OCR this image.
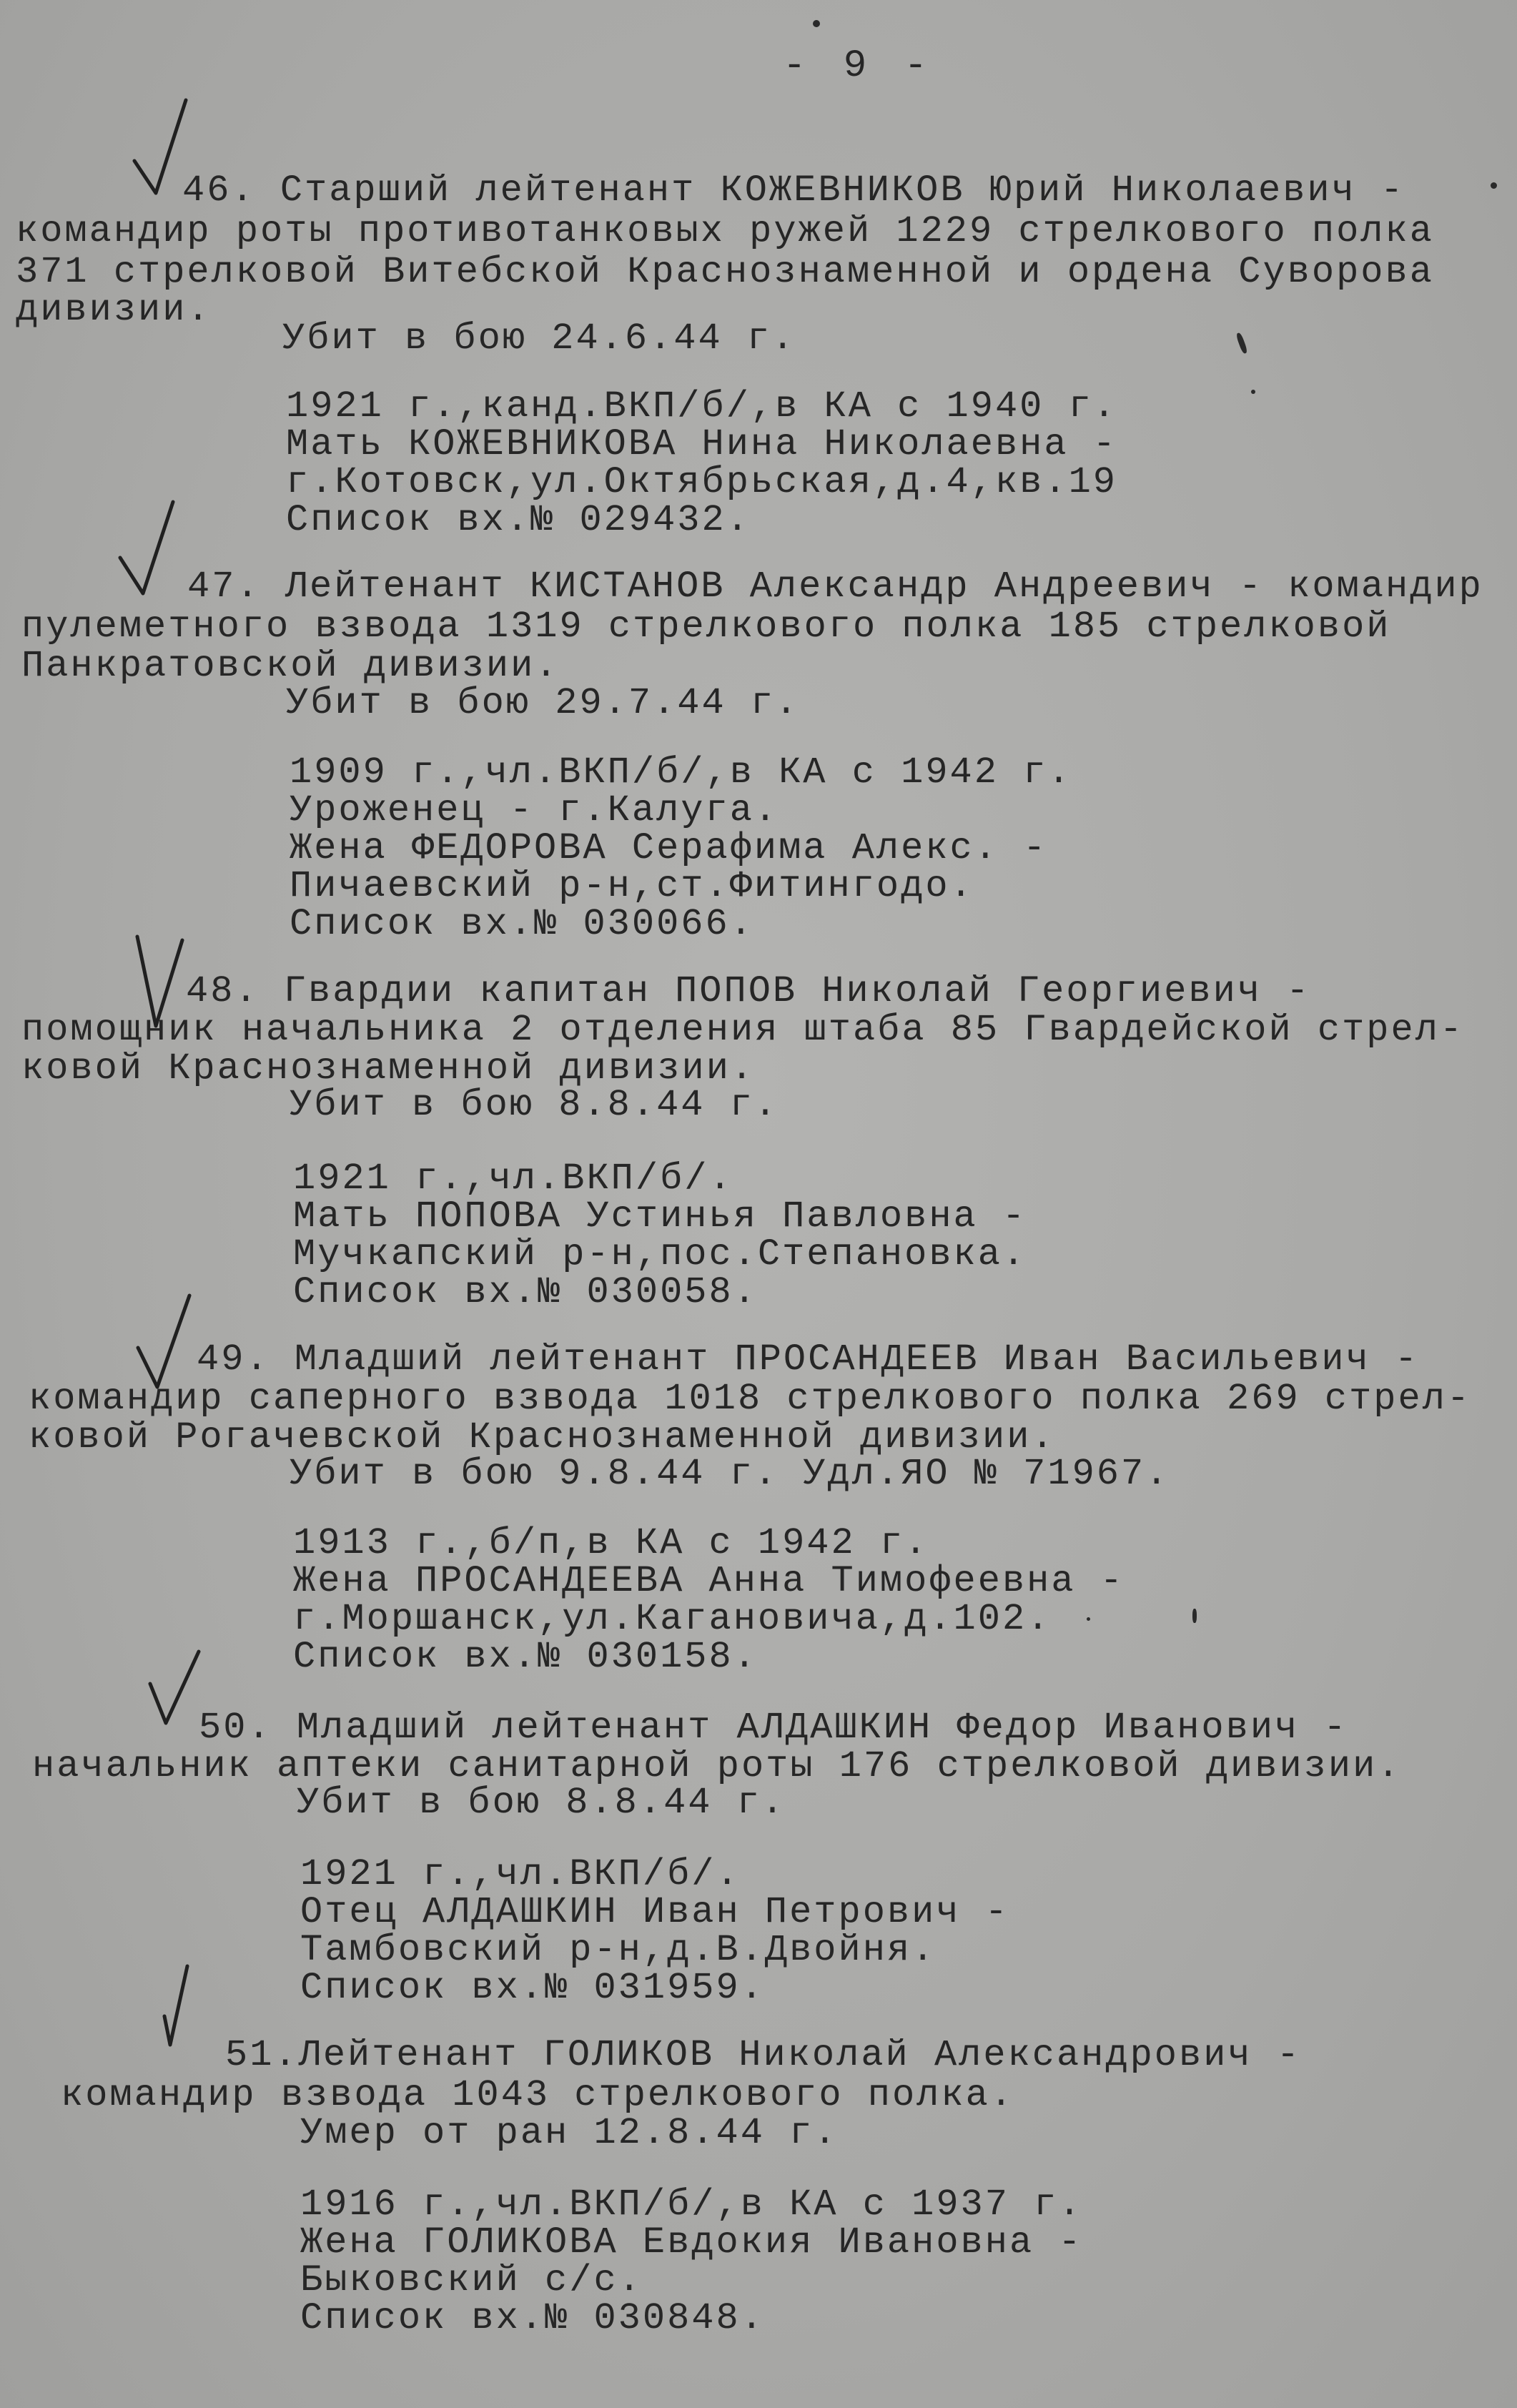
- 9 -
46. Старший лейтенант КОЖЕВНИКОВ Юрий Николаевич -
командир роты противотанковых ружей 1229 стрелкового полка
371 стрелковой Витебской Краснознаменной и ордена Суворова
дивизии.
Убит в бою 24.6.44 г.
1921 г.,канд.ВКП/б/,в КА с 1940 г.
Мать КОЖЕВНИКОВА Нина Николаевна -
г.Котовск,ул.Октябрьская,д.4,кв.19
Список вх.№ 029432.
47. Лейтенант КИСТАНОВ Александр Андреевич - командир
пулеметного взвода 1319 стрелкового полка 185 стрелковой
Панкратовской дивизии.
Убит в бою 29.7.44 г.
1909 г.,чл.ВКП/б/,в КА с 1942 г.
Уроженец - г.Калуга.
Жена ФЕДОРОВА Серафима Алекс. -
Пичаевский р-н,ст.Фитингодо.
Список вх.№ 030066.
48. Гвардии капитан ПОПОВ Николай Георгиевич -
помощник начальника 2 отделения штаба 85 Гвардейской стрел-
ковой Краснознаменной дивизии.
Убит в бою 8.8.44 г.
1921 г.,чл.ВКП/б/.
Мать ПОПОВА Устинья Павловна -
Мучкапский р-н,пос.Степановка.
Список вх.№ 030058.
49. Младший лейтенант ПРОСАНДЕЕВ Иван Васильевич -
командир саперного взвода 1018 стрелкового полка 269 стрел-
ковой Рогачевской Краснознаменной дивизии.
Убит в бою 9.8.44 г. Удл.ЯО № 71967.
1913 г.,б/п,в КА с 1942 г.
Жена ПРОСАНДЕЕВА Анна Тимофеевна -
г.Моршанск,ул.Кагановича,д.102.
Список вх.№ 030158.
50. Младший лейтенант АЛДАШКИН Федор Иванович -
начальник аптеки санитарной роты 176 стрелковой дивизии.
Убит в бою 8.8.44 г.
1921 г.,чл.ВКП/б/.
Отец АЛДАШКИН Иван Петрович -
Тамбовский р-н,д.В.Двойня.
Список вх.№ 031959.
51.Лейтенант ГОЛИКОВ Николай Александрович -
командир взвода 1043 стрелкового полка.
Умер от ран 12.8.44 г.
1916 г.,чл.ВКП/б/,в КА с 1937 г.
Жена ГОЛИКОВА Евдокия Ивановна -
Быковский с/с.
Список вх.№ 030848.
